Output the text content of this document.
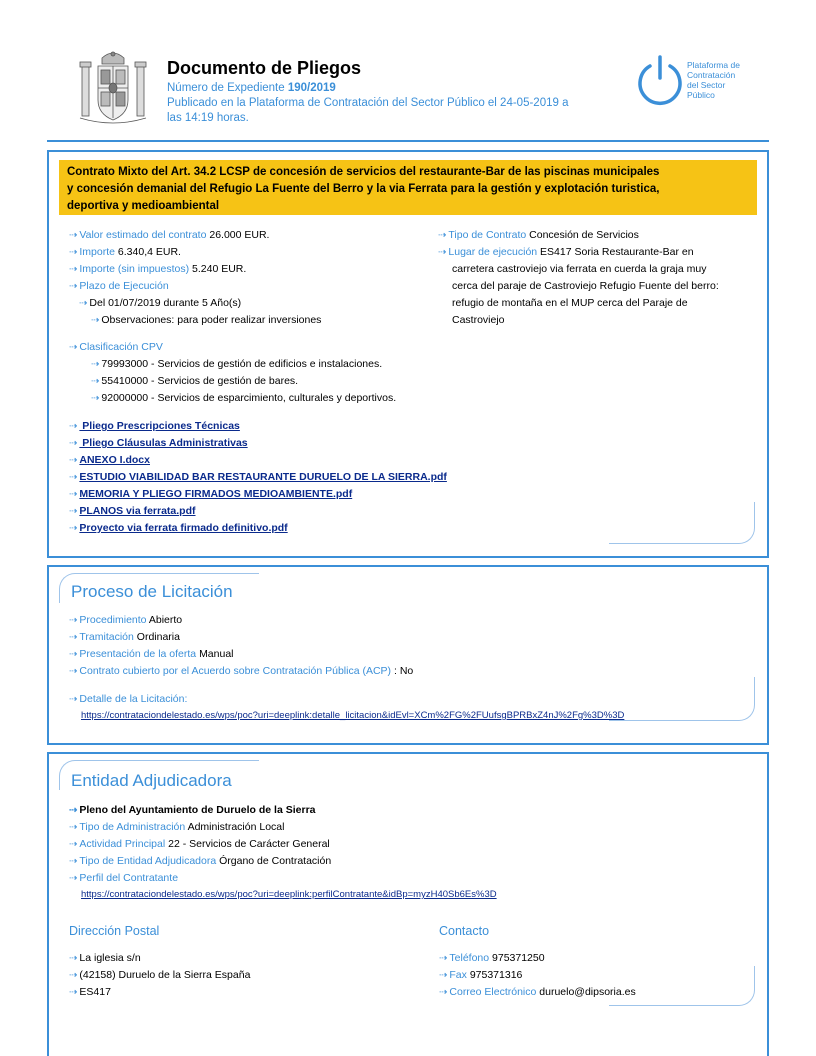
Documento de Pliegos
Número de Expediente 190/2019
Publicado en la Plataforma de Contratación del Sector Público el 24-05-2019 a
las 14:19 horas.
Plataforma de
Contratación
del Sector
Público
Contrato Mixto del Art. 34.2 LCSP de concesión de servicios del restaurante-Bar de las piscinas municipales
y concesión demanial del Refugio La Fuente del Berro y la via Ferrata para la gestión y explotación turistica,
deportiva y medioambiental
⇢ Valor estimado del contrato 26.000 EUR.
⇢ Importe 6.340,4 EUR.
⇢ Importe (sin impuestos) 5.240 EUR.
⇢ Plazo de Ejecución
⇢ Del 01/07/2019 durante 5 Año(s)
⇢ Observaciones: para poder realizar inversiones
⇢ Tipo de Contrato Concesión de Servicios
⇢ Lugar de ejecución ES417 Soria Restaurante-Bar en
carretera castroviejo via ferrata en cuerda la graja muy
cerca del paraje de Castroviejo Refugio Fuente del berro:
refugio de montaña en el MUP cerca del Paraje de
Castroviejo
⇢ Clasificación CPV
⇢ 79993000 - Servicios de gestión de edificios e instalaciones.
⇢ 55410000 - Servicios de gestión de bares.
⇢ 92000000 - Servicios de esparcimiento, culturales y deportivos.
⇢ Pliego Prescripciones Técnicas
⇢ Pliego Cláusulas Administrativas
⇢ ANEXO I.docx
⇢ ESTUDIO VIABILIDAD BAR RESTAURANTE DURUELO DE LA SIERRA.pdf
⇢ MEMORIA Y PLIEGO FIRMADOS MEDIOAMBIENTE.pdf
⇢ PLANOS via ferrata.pdf
⇢ Proyecto via ferrata firmado definitivo.pdf
Proceso de Licitación
⇢ Procedimiento Abierto
⇢ Tramitación Ordinaria
⇢ Presentación de la oferta Manual
⇢ Contrato cubierto por el Acuerdo sobre Contratación Pública (ACP) : No
⇢ Detalle de la Licitación:
https://contrataciondelestado.es/wps/poc?uri=deeplink:detalle_licitacion&idEvl=XCm%2FG%2FUufsgBPRBxZ4nJ%2Fg%3D%3D
Entidad Adjudicadora
⇢ Pleno del Ayuntamiento de Duruelo de la Sierra
⇢ Tipo de Administración Administración Local
⇢ Actividad Principal 22 - Servicios de Carácter General
⇢ Tipo de Entidad Adjudicadora Órgano de Contratación
⇢ Perfil del Contratante
https://contrataciondelestado.es/wps/poc?uri=deeplink:perfilContratante&idBp=myzH40Sb6Es%3D
Dirección Postal
⇢ La iglesia s/n
⇢ (42158) Duruelo de la Sierra España
⇢ ES417
Contacto
⇢ Teléfono 975371250
⇢ Fax 975371316
⇢ Correo Electrónico duruelo@dipsoria.es
